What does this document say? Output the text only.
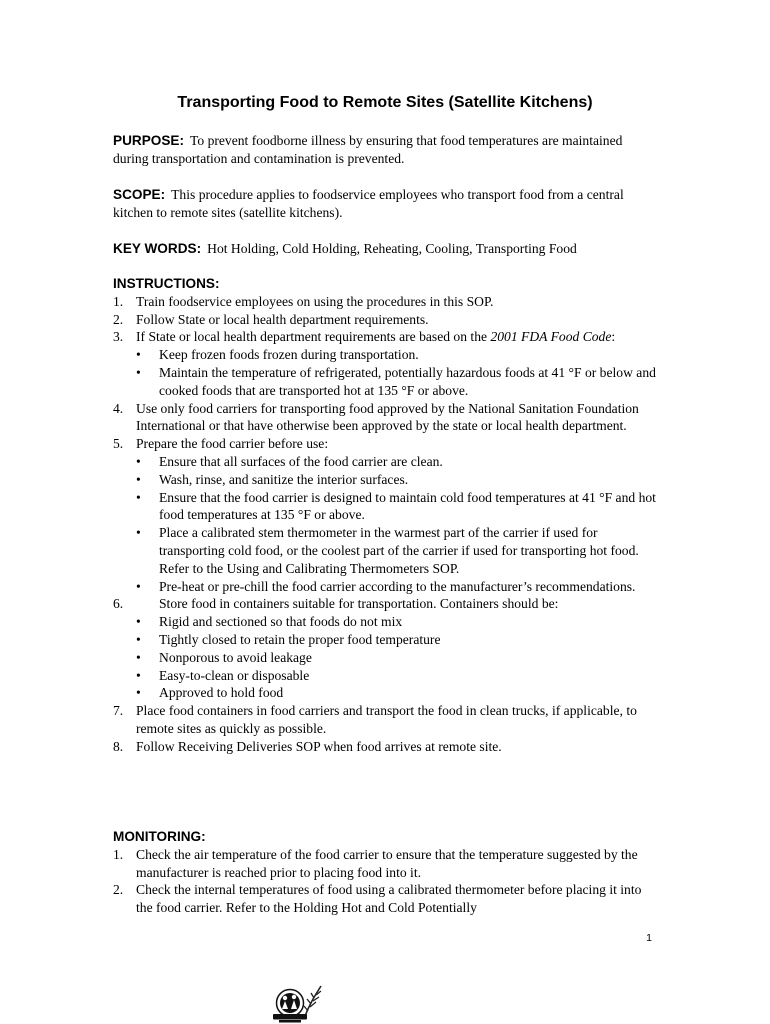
Transporting Food to Remote Sites (Satellite Kitchens)
PURPOSE: To prevent foodborne illness by ensuring that food temperatures are maintained during transportation and contamination is prevented.
SCOPE: This procedure applies to foodservice employees who transport food from a central kitchen to remote sites (satellite kitchens).
KEY WORDS: Hot Holding, Cold Holding, Reheating, Cooling, Transporting Food
INSTRUCTIONS:
1. Train foodservice employees on using the procedures in this SOP.
2. Follow State or local health department requirements.
3. If State or local health department requirements are based on the 2001 FDA Food Code:
• Keep frozen foods frozen during transportation.
• Maintain the temperature of refrigerated, potentially hazardous foods at 41 °F or below and cooked foods that are transported hot at 135 °F or above.
4. Use only food carriers for transporting food approved by the National Sanitation Foundation International or that have otherwise been approved by the state or local health department.
5. Prepare the food carrier before use:
• Ensure that all surfaces of the food carrier are clean.
• Wash, rinse, and sanitize the interior surfaces.
• Ensure that the food carrier is designed to maintain cold food temperatures at 41 °F and hot food temperatures at 135 °F or above.
• Place a calibrated stem thermometer in the warmest part of the carrier if used for transporting cold food, or the coolest part of the carrier if used for transporting hot food. Refer to the Using and Calibrating Thermometers SOP.
• Pre-heat or pre-chill the food carrier according to the manufacturer’s recommendations.
6.	Store food in containers suitable for transportation. Containers should be:
• Rigid and sectioned so that foods do not mix
• Tightly closed to retain the proper food temperature
• Nonporous to avoid leakage
• Easy-to-clean or disposable
• Approved to hold food
7. Place food containers in food carriers and transport the food in clean trucks, if applicable, to remote sites as quickly as possible.
8. Follow Receiving Deliveries SOP when food arrives at remote site.
MONITORING:
1. Check the air temperature of the food carrier to ensure that the temperature suggested by the manufacturer is reached prior to placing food into it.
2. Check the internal temperatures of food using a calibrated thermometer before placing it into the food carrier. Refer to the Holding Hot and Cold Potentially
1
